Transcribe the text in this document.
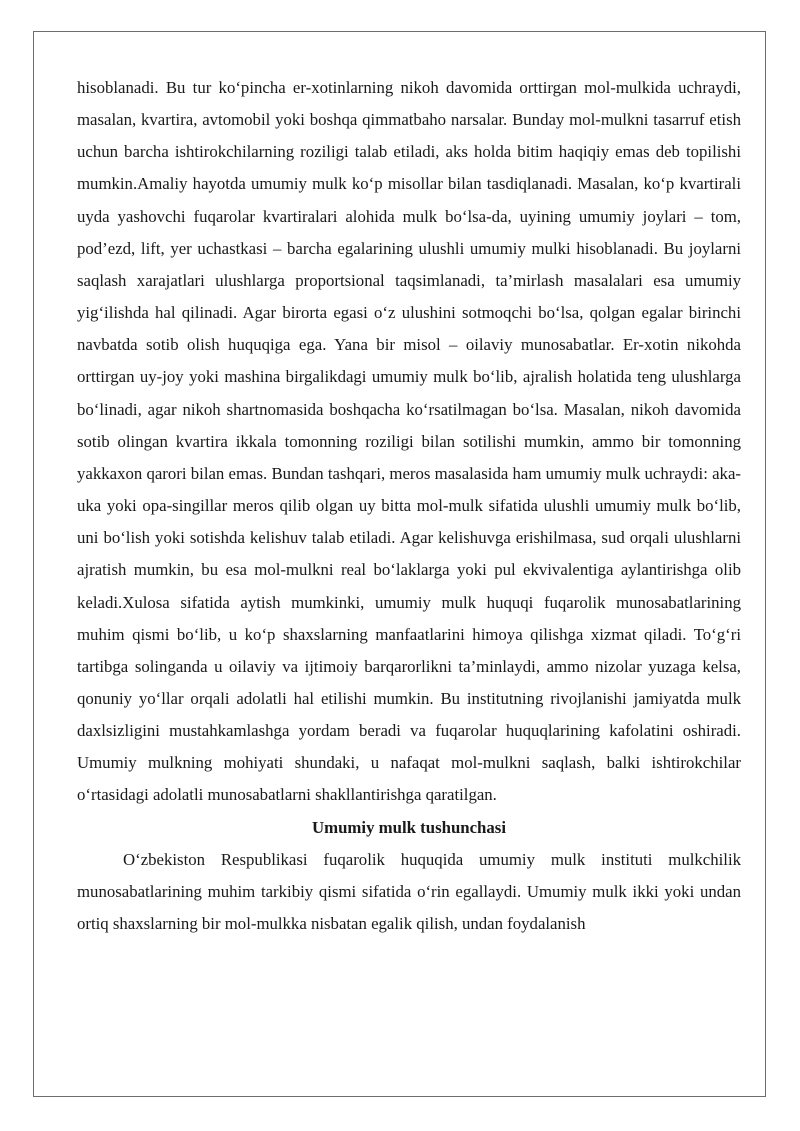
hisoblanadi. Bu tur ko‘pincha er-xotinlarning nikoh davomida orttirgan mol-mulkida uchraydi, masalan, kvartira, avtomobil yoki boshqa qimmatbaho narsalar. Bunday mol-mulkni tasarruf etish uchun barcha ishtirokchilarning roziligi talab etiladi, aks holda bitim haqiqiy emas deb topilishi mumkin.Amaliy hayotda umumiy mulk ko‘p misollar bilan tasdiqlanadi. Masalan, ko‘p kvartirali uyda yashovchi fuqarolar kvartiralari alohida mulk bo‘lsa-da, uyining umumiy joylari – tom, pod’ezd, lift, yer uchastkasi – barcha egalarining ulushli umumiy mulki hisoblanadi. Bu joylarni saqlash xarajatlari ulushlarga proportsional taqsimlanadi, ta’mirlash masalalari esa umumiy yig‘ilishda hal qilinadi. Agar birorta egasi o‘z ulushini sotmoqchi bo‘lsa, qolgan egalar birinchi navbatda sotib olish huquqiga ega. Yana bir misol – oilaviy munosabatlar. Er-xotin nikohda orttirgan uy-joy yoki mashina birgalikdagi umumiy mulk bo‘lib, ajralish holatida teng ulushlarga bo‘linadi, agar nikoh shartnomasida boshqacha ko‘rsatilmagan bo‘lsa. Masalan, nikoh davomida sotib olingan kvartira ikkala tomonning roziligi bilan sotilishi mumkin, ammo bir tomonning yakkaxon qarori bilan emas. Bundan tashqari, meros masalasida ham umumiy mulk uchraydi: aka-uka yoki opa-singillar meros qilib olgan uy bitta mol-mulk sifatida ulushli umumiy mulk bo‘lib, uni bo‘lish yoki sotishda kelishuv talab etiladi. Agar kelishuvga erishilmasa, sud orqali ulushlarni ajratish mumkin, bu esa mol-mulkni real bo‘laklarga yoki pul ekvivalentiga aylantirishga olib keladi.Xulosa sifatida aytish mumkinki, umumiy mulk huquqi fuqarolik munosabatlarining muhim qismi bo‘lib, u ko‘p shaxslarning manfaatlarini himoya qilishga xizmat qiladi. To‘g‘ri tartibga solinganda u oilaviy va ijtimoiy barqarorlikni ta’minlaydi, ammo nizolar yuzaga kelsa, qonuniy yo‘llar orqali adolatli hal etilishi mumkin. Bu institutning rivojlanishi jamiyatda mulk daxlsizligini mustahkamlashga yordam beradi va fuqarolar huquqlarining kafolatini oshiradi. Umumiy mulkning mohiyati shundaki, u nafaqat mol-mulkni saqlash, balki ishtirokchilar o‘rtasidagi adolatli munosabatlarni shakllantirishga qaratilgan.

Umumiy mulk tushunchasi

O‘zbekiston Respublikasi fuqarolik huquqida umumiy mulk instituti mulkchilik munosabatlarining muhim tarkibiy qismi sifatida o‘rin egallaydi. Umumiy mulk ikki yoki undan ortiq shaxslarning bir mol-mulkka nisbatan egalik qilish, undan foydalanish
